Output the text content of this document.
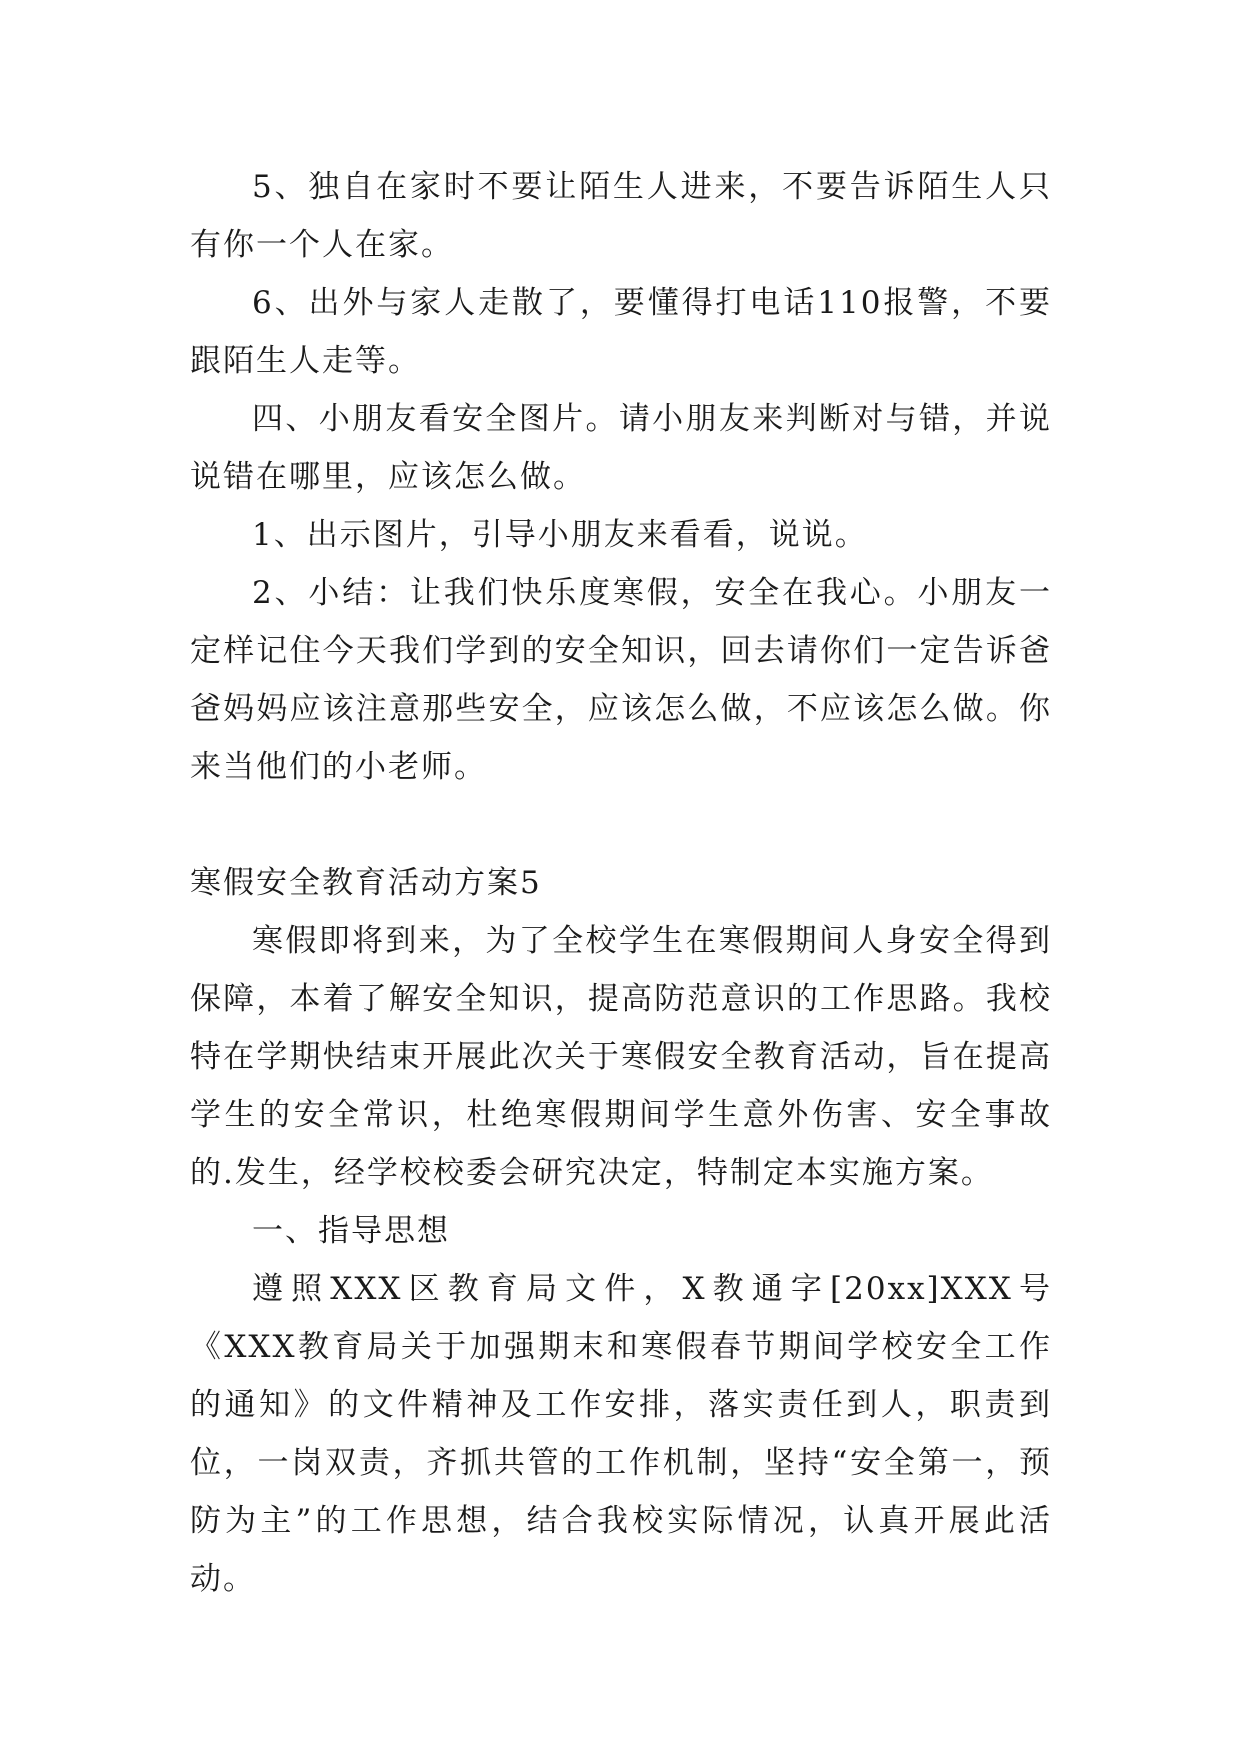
5、独自在家时不要让陌生人进来，不要告诉陌生人只有你一个人在家。

6、出外与家人走散了，要懂得打电话110报警，不要跟陌生人走等。

四、小朋友看安全图片。请小朋友来判断对与错，并说说错在哪里，应该怎么做。

1、出示图片，引导小朋友来看看，说说。

2、小结：让我们快乐度寒假，安全在我心。小朋友一定样记住今天我们学到的安全知识，回去请你们一定告诉爸爸妈妈应该注意那些安全，应该怎么做，不应该怎么做。你来当他们的小老师。

寒假安全教育活动方案5

寒假即将到来，为了全校学生在寒假期间人身安全得到保障，本着了解安全知识，提高防范意识的工作思路。我校特在学期快结束开展此次关于寒假安全教育活动，旨在提高学生的安全常识，杜绝寒假期间学生意外伤害、安全事故的.发生，经学校校委会研究决定，特制定本实施方案。

一、指导思想

遵照XXX区教育局文件，X教通字[20xx]XXX号《XXX教育局关于加强期末和寒假春节期间学校安全工作的通知》的文件精神及工作安排，落实责任到人，职责到位，一岗双责，齐抓共管的工作机制，坚持“安全第一，预防为主”的工作思想，结合我校实际情况，认真开展此活动。
